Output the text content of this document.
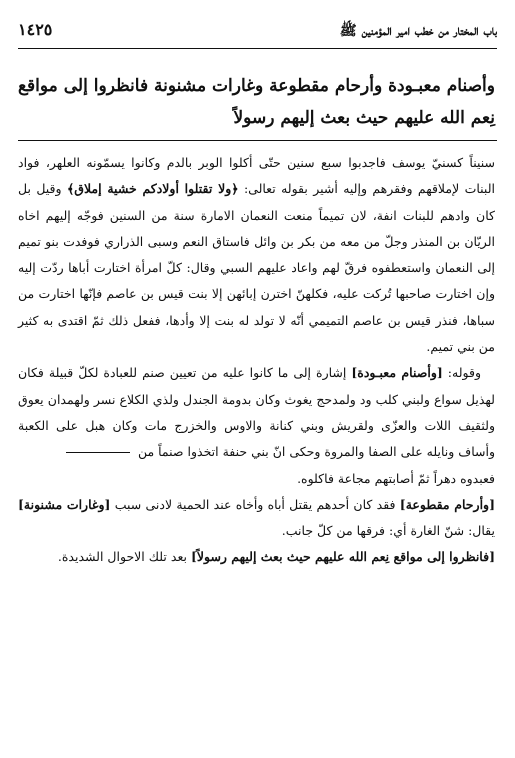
باب المختار من خطب امير المؤمنين ﷺ
١٤٢٥
وأصنام معبـودة وأرحام مقطوعة وغارات مشنونة فانظروا إلى مواقع نِعم الله عليهم حيث بعث إليهم رسولاً

سنيناً كسنيّ يوسف فاجدبوا سبع سنين حتّى أكلوا الوبر بالدم وكانوا يسمّونه العلهر، فواد البنات لإملاقهم وفقرهم وإليه أشير بقوله تعالى: ﴿ولا تقتلوا أولادكم خشية إملاق﴾ وقيل بل كان وادهم للبنات انفة، لان تميماً منعت النعمان الامارة سنة من السنين فوجّه إليهم اخاه الريّان بن المنذر وجلّ من معه من بكر بن وائل فاستاق النعم وسبى الذراري فوفدت بنو تميم إلى النعمان واستعطفوه فرقّ لهم واعاد عليهم السبي وقال: كلّ امرأة اختارت أباها ردّت إليه وإن اختارت صاحبها تُركت عليه، فكلهنّ اخترن إبائهن إلا بنت قيس بن عاصم فإنّها اختارت من سباها، فنذر قيس بن عاصم التميمي أنّه لا تولد له بنت إلا وأدها، ففعل ذلك ثمّ اقتدى به كثير من بني تميم.

وقوله: [وأصنام معبـودة] إشارة إلى ما كانوا عليه من تعيين صنم للعبادة لكلّ قبيلة فكان لهذيل سواع ولبني كلب ود ولمدحج يغوث وكان بدومة الجندل ولذي الكلاع نسر ولهمدان يعوق ولثقيف اللات والعزّى ولقريش وبني كنانة والاوس والخزرج مات وكان هبل على الكعبة وأساف ونايله على الصفا والمروة وحكى انّ بني حنفة اتخذوا صنماً من
فعبدوه دهراً ثمّ أصابتهم مجاعة فاكلوه.

[وأرحام مقطوعة] فقد كان أحدهم يقتل أباه وأخاه عند الحمية لادنى سبب [وغارات مشنونة] يقال: شنّ الغارة أي: فرقها من كلّ جانب.

[فانظروا إلى مواقع نِعم الله عليهم حيث بعث إليهم رسولاً] بعد تلك الاحوال الشديدة.
